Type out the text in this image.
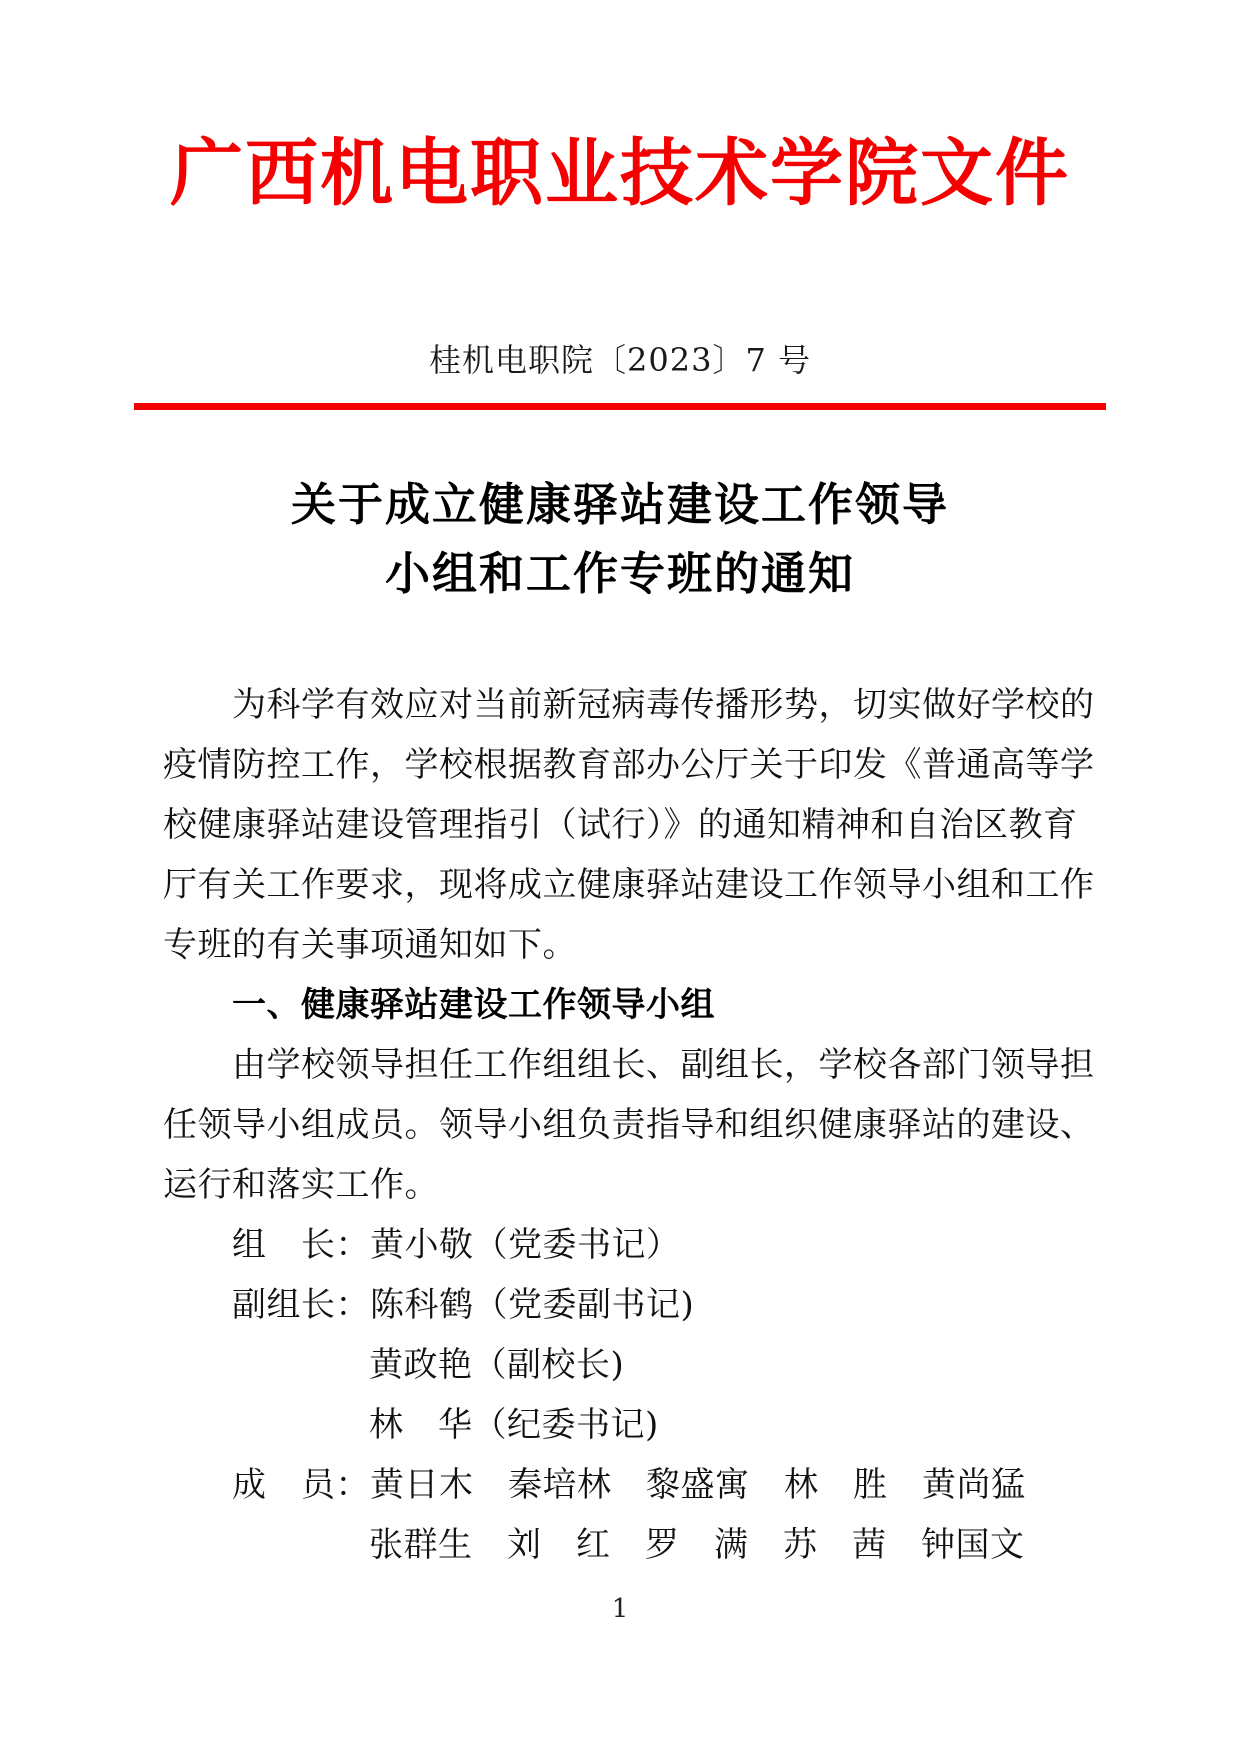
广西机电职业技术学院文件
桂机电职院〔2023〕7 号
关于成立健康驿站建设工作领导
小组和工作专班的通知
为科学有效应对当前新冠病毒传播形势，切实做好学校的
疫情防控工作，学校根据教育部办公厅关于印发《普通高等学
校健康驿站建设管理指引（试行）》的通知精神和自治区教育
厅有关工作要求，现将成立健康驿站建设工作领导小组和工作
专班的有关事项通知如下。
一、健康驿站建设工作领导小组
由学校领导担任工作组组长、副组长，学校各部门领导担
任领导小组成员。领导小组负责指导和组织健康驿站的建设、
运行和落实工作。
组　长：黄小敬（党委书记）
副组长：陈科鹤（党委副书记)
黄政艳（副校长)
林　华（纪委书记)
成　员：黄日木　秦培林　黎盛寓　林　胜　黄尚猛
张群生　刘　红　罗　满　苏　茜　钟国文
1
